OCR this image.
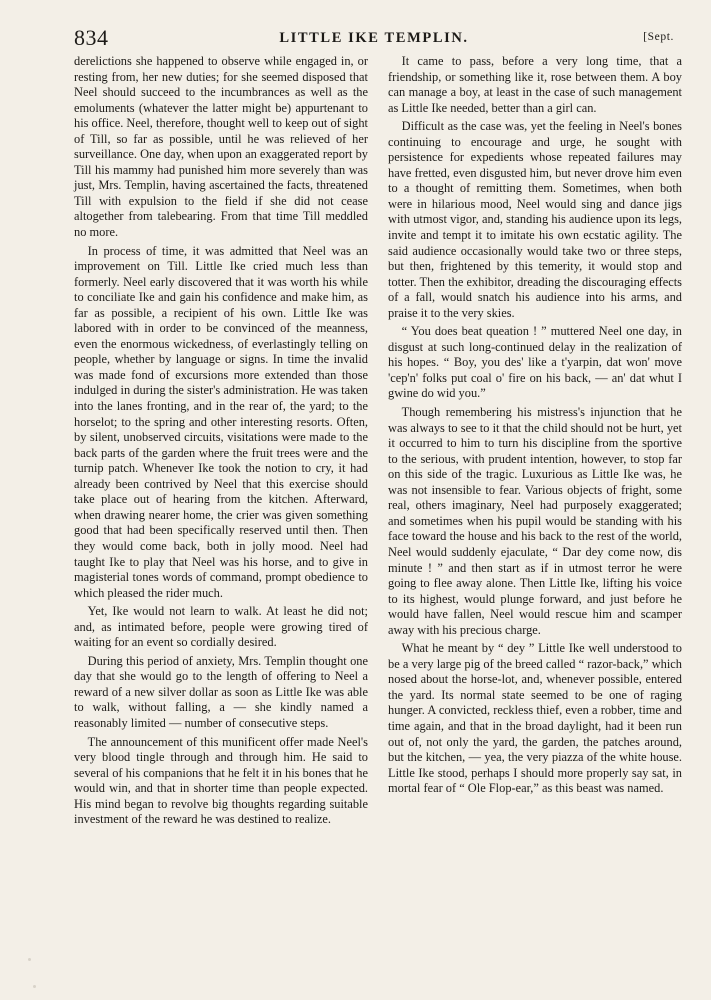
834	LITTLE IKE TEMPLIN.	[Sept.

derelictions she happened to observe while engaged in, or resting from, her new duties; for she seemed disposed that Neel should succeed to the incumbrances as well as the emoluments (whatever the latter might be) appurtenant to his office. Neel, therefore, thought well to keep out of sight of Till, so far as possible, until he was relieved of her surveillance. One day, when upon an exaggerated report by Till his mammy had punished him more severely than was just, Mrs. Templin, having ascertained the facts, threatened Till with expulsion to the field if she did not cease altogether from talebearing. From that time Till meddled no more.

In process of time, it was admitted that Neel was an improvement on Till. Little Ike cried much less than formerly. Neel early discovered that it was worth his while to conciliate Ike and gain his confidence and make him, as far as possible, a recipient of his own. Little Ike was labored with in order to be convinced of the meanness, even the enormous wickedness, of everlastingly telling on people, whether by language or signs. In time the invalid was made fond of excursions more extended than those indulged in during the sister's administration. He was taken into the lanes fronting, and in the rear of, the yard; to the horselot; to the spring and other interesting resorts. Often, by silent, unobserved circuits, visitations were made to the back parts of the garden where the fruit trees were and the turnip patch. Whenever Ike took the notion to cry, it had already been contrived by Neel that this exercise should take place out of hearing from the kitchen. Afterward, when drawing nearer home, the crier was given something good that had been specifically reserved until then. Then they would come back, both in jolly mood. Neel had taught Ike to play that Neel was his horse, and to give in magisterial tones words of command, prompt obedience to which pleased the rider much.

Yet, Ike would not learn to walk. At least he did not; and, as intimated before, people were growing tired of waiting for an event so cordially desired.

During this period of anxiety, Mrs. Templin thought one day that she would go to the length of offering to Neel a reward of a new silver dollar as soon as Little Ike was able to walk, without falling, a — she kindly named a reasonably limited — number of consecutive steps.

The announcement of this munificent offer made Neel's very blood tingle through and through him. He said to several of his companions that he felt it in his bones that he would win, and that in shorter time than people expected. His mind began to revolve big thoughts regarding suitable investment of the reward he was destined to realize.

It came to pass, before a very long time, that a friendship, or something like it, rose between them. A boy can manage a boy, at least in the case of such management as Little Ike needed, better than a girl can.

Difficult as the case was, yet the feeling in Neel's bones continuing to encourage and urge, he sought with persistence for expedients whose repeated failures may have fretted, even disgusted him, but never drove him even to a thought of remitting them. Sometimes, when both were in hilarious mood, Neel would sing and dance jigs with utmost vigor, and, standing his audience upon its legs, invite and tempt it to imitate his own ecstatic agility. The said audience occasionally would take two or three steps, but then, frightened by this temerity, it would stop and totter. Then the exhibitor, dreading the discouraging effects of a fall, would snatch his audience into his arms, and praise it to the very skies.

“ You does beat queation ! ” muttered Neel one day, in disgust at such long-continued delay in the realization of his hopes. “ Boy, you des' like a t'yarpin, dat won' move 'cep'n' folks put coal o' fire on his back, — an' dat whut I gwine do wid you.”

Though remembering his mistress's injunction that he was always to see to it that the child should not be hurt, yet it occurred to him to turn his discipline from the sportive to the serious, with prudent intention, however, to stop far on this side of the tragic. Luxurious as Little Ike was, he was not insensible to fear. Various objects of fright, some real, others imaginary, Neel had purposely exaggerated; and sometimes when his pupil would be standing with his face toward the house and his back to the rest of the world, Neel would suddenly ejaculate, “ Dar dey come now, dis minute ! ” and then start as if in utmost terror he were going to flee away alone. Then Little Ike, lifting his voice to its highest, would plunge forward, and just before he would have fallen, Neel would rescue him and scamper away with his precious charge.

What he meant by “ dey ” Little Ike well understood to be a very large pig of the breed called “ razor-back,” which nosed about the horse-lot, and, whenever possible, entered the yard. Its normal state seemed to be one of raging hunger. A convicted, reckless thief, even a robber, time and time again, and that in the broad daylight, had it been run out of, not only the yard, the garden, the patches around, but the kitchen, — yea, the very piazza of the white house. Little Ike stood, perhaps I should more properly say sat, in mortal fear of “ Ole Flop-ear,” as this beast was named.
